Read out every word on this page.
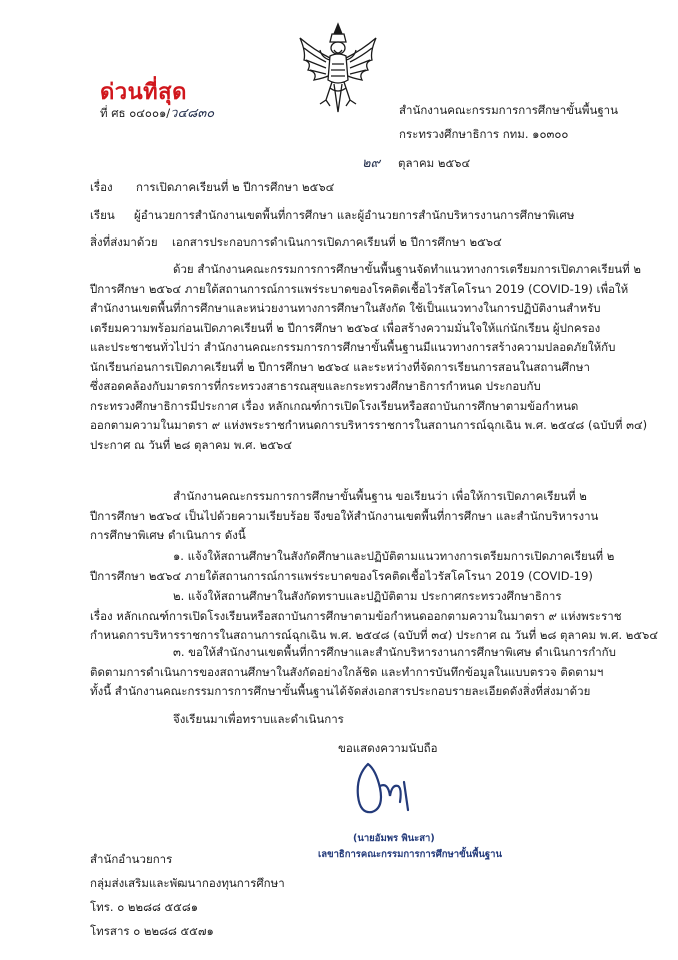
ด่วนที่สุด
ที่ ศธ ๐๔๐๐๑/ว๔๘๓๐	สำนักงานคณะกรรมการการศึกษาขั้นพื้นฐาน
กระทรวงศึกษาธิการ กทม. ๑๐๓๐๐
๒๙ ตุลาคม ๒๕๖๔
เรื่อง การเปิดภาคเรียนที่ ๒ ปีการศึกษา ๒๕๖๔
เรียน ผู้อำนวยการสำนักงานเขตพื้นที่การศึกษา และผู้อำนวยการสำนักบริหารงานการศึกษาพิเศษ
สิ่งที่ส่งมาด้วย เอกสารประกอบการดำเนินการเปิดภาคเรียนที่ ๒ ปีการศึกษา ๒๕๖๔
ด้วย สำนักงานคณะกรรมการการศึกษาขั้นพื้นฐานจัดทำแนวทางการเตรียมการเปิดภาคเรียนที่ ๒
ปีการศึกษา ๒๕๖๔ ภายใต้สถานการณ์การแพร่ระบาดของโรคติดเชื้อไวรัสโคโรนา 2019 (COVID-19) เพื่อให้
สำนักงานเขตพื้นที่การศึกษาและหน่วยงานทางการศึกษาในสังกัด ใช้เป็นแนวทางในการปฏิบัติงานสำหรับ
เตรียมความพร้อมก่อนเปิดภาคเรียนที่ ๒ ปีการศึกษา ๒๕๖๔ เพื่อสร้างความมั่นใจให้แก่นักเรียน ผู้ปกครอง
และประชาชนทั่วไปว่า สำนักงานคณะกรรมการการศึกษาขั้นพื้นฐานมีแนวทางการสร้างความปลอดภัยให้กับ
นักเรียนก่อนการเปิดภาคเรียนที่ ๒ ปีการศึกษา ๒๕๖๔ และระหว่างที่จัดการเรียนการสอนในสถานศึกษา
ซึ่งสอดคล้องกับมาตรการที่กระทรวงสาธารณสุขและกระทรวงศึกษาธิการกำหนด ประกอบกับ
กระทรวงศึกษาธิการมีประกาศ เรื่อง หลักเกณฑ์การเปิดโรงเรียนหรือสถาบันการศึกษาตามข้อกำหนด
ออกตามความในมาตรา ๙ แห่งพระราชกำหนดการบริหารราชการในสถานการณ์ฉุกเฉิน พ.ศ. ๒๕๔๘ (ฉบับที่ ๓๔)
ประกาศ ณ วันที่ ๒๘ ตุลาคม พ.ศ. ๒๕๖๔
สำนักงานคณะกรรมการการศึกษาขั้นพื้นฐาน ขอเรียนว่า เพื่อให้การเปิดภาคเรียนที่ ๒
ปีการศึกษา ๒๕๖๔ เป็นไปด้วยความเรียบร้อย จึงขอให้สำนักงานเขตพื้นที่การศึกษา และสำนักบริหารงาน
การศึกษาพิเศษ ดำเนินการ ดังนี้
๑. แจ้งให้สถานศึกษาในสังกัดศึกษาและปฏิบัติตามแนวทางการเตรียมการเปิดภาคเรียนที่ ๒
ปีการศึกษา ๒๕๖๔ ภายใต้สถานการณ์การแพร่ระบาดของโรคติดเชื้อไวรัสโคโรนา 2019 (COVID-19)
๒. แจ้งให้สถานศึกษาในสังกัดทราบและปฏิบัติตาม ประกาศกระทรวงศึกษาธิการ
เรื่อง หลักเกณฑ์การเปิดโรงเรียนหรือสถาบันการศึกษาตามข้อกำหนดออกตามความในมาตรา ๙ แห่งพระราช
กำหนดการบริหารราชการในสถานการณ์ฉุกเฉิน พ.ศ. ๒๕๔๘ (ฉบับที่ ๓๔) ประกาศ ณ วันที่ ๒๘ ตุลาคม พ.ศ. ๒๕๖๔
๓. ขอให้สำนักงานเขตพื้นที่การศึกษาและสำนักบริหารงานการศึกษาพิเศษ ดำเนินการกำกับ
ติดตามการดำเนินการของสถานศึกษาในสังกัดอย่างใกล้ชิด และทำการบันทึกข้อมูลในแบบตรวจ ติดตามฯ
ทั้งนี้ สำนักงานคณะกรรมการการศึกษาขั้นพื้นฐานได้จัดส่งเอกสารประกอบรายละเอียดดังสิ่งที่ส่งมาด้วย
จึงเรียนมาเพื่อทราบและดำเนินการ
ขอแสดงความนับถือ
(นายอัมพร พินะสา)
เลขาธิการคณะกรรมการการศึกษาขั้นพื้นฐาน
สำนักอำนวยการ
กลุ่มส่งเสริมและพัฒนากองทุนการศึกษา
โทร. ๐ ๒๒๘๘ ๕๕๘๑
โทรสาร ๐ ๒๒๘๘ ๕๕๗๑
